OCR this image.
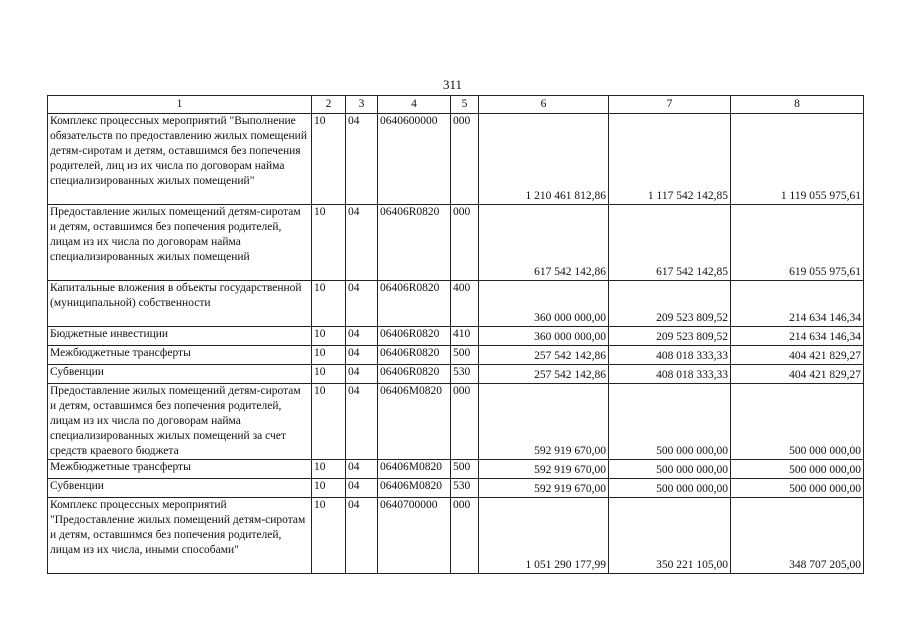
311
1	2	3	4	5	6	7	8
Комплекс процессных мероприятий "Выполнение обязательств по предоставлению жилых помещений детям-сиротам и детям, оставшимся без попечения родителей, лиц из их числа по договорам найма специализированных жилых помещений"	10	04	0640600000	000	1 210 461 812,86	1 117 542 142,85	1 119 055 975,61
Предоставление жилых помещений детям-сиротам и детям, оставшимся без попечения родителей, лицам из их числа по договорам найма специализированных жилых помещений	10	04	06406R0820	000	617 542 142,86	617 542 142,85	619 055 975,61
Капитальные вложения в объекты государственной (муниципальной) собственности	10	04	06406R0820	400	360 000 000,00	209 523 809,52	214 634 146,34
Бюджетные инвестиции	10	04	06406R0820	410	360 000 000,00	209 523 809,52	214 634 146,34
Межбюджетные трансферты	10	04	06406R0820	500	257 542 142,86	408 018 333,33	404 421 829,27
Субвенции	10	04	06406R0820	530	257 542 142,86	408 018 333,33	404 421 829,27
Предоставление жилых помещений детям-сиротам и детям, оставшимся без попечения родителей, лицам из их числа по договорам найма специализированных жилых помещений за счет средств краевого бюджета	10	04	06406M0820	000	592 919 670,00	500 000 000,00	500 000 000,00
Межбюджетные трансферты	10	04	06406M0820	500	592 919 670,00	500 000 000,00	500 000 000,00
Субвенции	10	04	06406M0820	530	592 919 670,00	500 000 000,00	500 000 000,00
Комплекс процессных мероприятий "Предоставление жилых помещений детям-сиротам и детям, оставшимся без попечения родителей, лицам из их числа, иными способами"	10	04	0640700000	000	1 051 290 177,99	350 221 105,00	348 707 205,00
